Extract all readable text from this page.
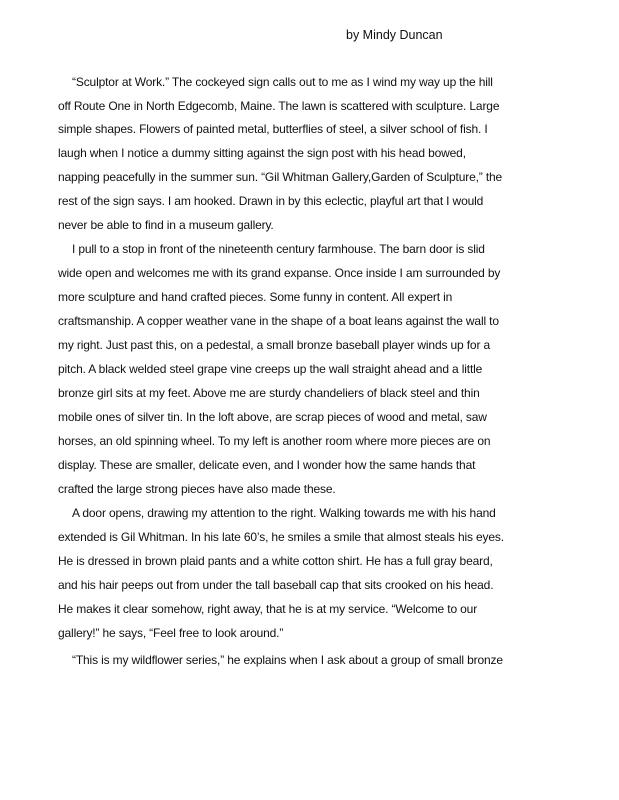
by Mindy Duncan
“Sculptor at Work.” The cockeyed sign calls out to me as I wind my way up the hill
off Route One in North Edgecomb, Maine. The lawn is scattered with sculpture. Large
simple shapes. Flowers of painted metal, butterflies of steel, a silver school of fish. I
laugh when I notice a dummy sitting against the sign post with his head bowed,
napping peacefully in the summer sun. “Gil Whitman Gallery,Garden of Sculpture,” the
rest of the sign says. I am hooked. Drawn in by this eclectic, playful art that I would
never be able to find in a museum gallery.
I pull to a stop in front of the nineteenth century farmhouse. The barn door is slid
wide open and welcomes me with its grand expanse. Once inside I am surrounded by
more sculpture and hand crafted pieces. Some funny in content. All expert in
craftsmanship. A copper weather vane in the shape of a boat leans against the wall to
my right. Just past this, on a pedestal, a small bronze baseball player winds up for a
pitch. A black welded steel grape vine creeps up the wall straight ahead and a little
bronze girl sits at my feet. Above me are sturdy chandeliers of black steel and thin
mobile ones of silver tin. In the loft above, are scrap pieces of wood and metal, saw
horses, an old spinning wheel. To my left is another room where more pieces are on
display. These are smaller, delicate even, and I wonder how the same hands that
crafted the large strong pieces have also made these.
A door opens, drawing my attention to the right. Walking towards me with his hand
extended is Gil Whitman. In his late 60’s, he smiles a smile that almost steals his eyes.
He is dressed in brown plaid pants and a white cotton shirt. He has a full gray beard,
and his hair peeps out from under the tall baseball cap that sits crooked on his head.
He makes it clear somehow, right away, that he is at my service. “Welcome to our
gallery!” he says, “Feel free to look around.”
“This is my wildflower series,” he explains when I ask about a group of small bronze
